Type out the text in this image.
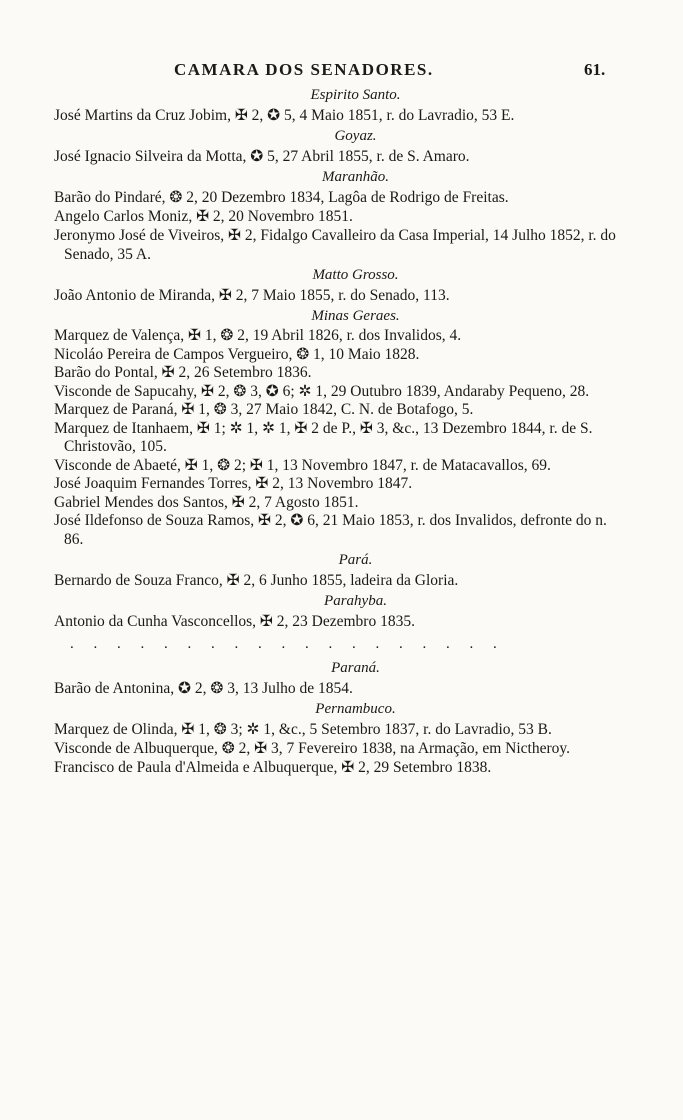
CAMARA DOS SENADORES.	61.
Espirito Santo.
José Martins da Cruz Jobim, ✠ 2, ✪ 5, 4 Maio 1851, r. do Lavradio, 53 E.
Goyaz.
José Ignacio Silveira da Motta, ✪ 5, 27 Abril 1855, r. de S. Amaro.
Maranhão.
Barão do Pindaré, ❂ 2, 20 Dezembro 1834, Lagôa de Rodrigo de Freitas.
Angelo Carlos Moniz, ✠ 2, 20 Novembro 1851.
Jeronymo José de Viveiros, ✠ 2, Fidalgo Cavalleiro da Casa Imperial, 14 Julho 1852, r. do Senado, 35 A.
Matto Grosso.
João Antonio de Miranda, ✠ 2, 7 Maio 1855, r. do Senado, 113.
Minas Geraes.
Marquez de Valença, ✠ 1, ❂ 2, 19 Abril 1826, r. dos Invalidos, 4.
Nicoláo Pereira de Campos Vergueiro, ❂ 1, 10 Maio 1828.
Barão do Pontal, ✠ 2, 26 Setembro 1836.
Visconde de Sapucahy, ✠ 2, ❂ 3, ✪ 6; ✲ 1, 29 Outubro 1839, Andaraby Pequeno, 28.
Marquez de Paraná, ✠ 1, ❂ 3, 27 Maio 1842, C. N. de Botafogo, 5.
Marquez de Itanhaem, ✠ 1; ✲ 1, ✲ 1, ✠ 2 de P., ✠ 3, &c., 13 Dezembro 1844, r. de S. Christovão, 105.
Visconde de Abaeté, ✠ 1, ❂ 2; ✠ 1, 13 Novembro 1847, r. de Matacavallos, 69.
José Joaquim Fernandes Torres, ✠ 2, 13 Novembro 1847.
Gabriel Mendes dos Santos, ✠ 2, 7 Agosto 1851.
José Ildefonso de Souza Ramos, ✠ 2, ✪ 6, 21 Maio 1853, r. dos Invalidos, defronte do n. 86.
Pará.
Bernardo de Souza Franco, ✠ 2, 6 Junho 1855, ladeira da Gloria.
Parahyba.
Antonio da Cunha Vasconcellos, ✠ 2, 23 Dezembro 1835.
. . . . . . . . . . . . . . . . . . .
Paraná.
Barão de Antonina, ✪ 2, ❂ 3, 13 Julho de 1854.
Pernambuco.
Marquez de Olinda, ✠ 1, ❂ 3; ✲ 1, &c., 5 Setembro 1837, r. do Lavradio, 53 B.
Visconde de Albuquerque, ❂ 2, ✠ 3, 7 Fevereiro 1838, na Armação, em Nictheroy.
Francisco de Paula d'Almeida e Albuquerque, ✠ 2, 29 Setembro 1838.
